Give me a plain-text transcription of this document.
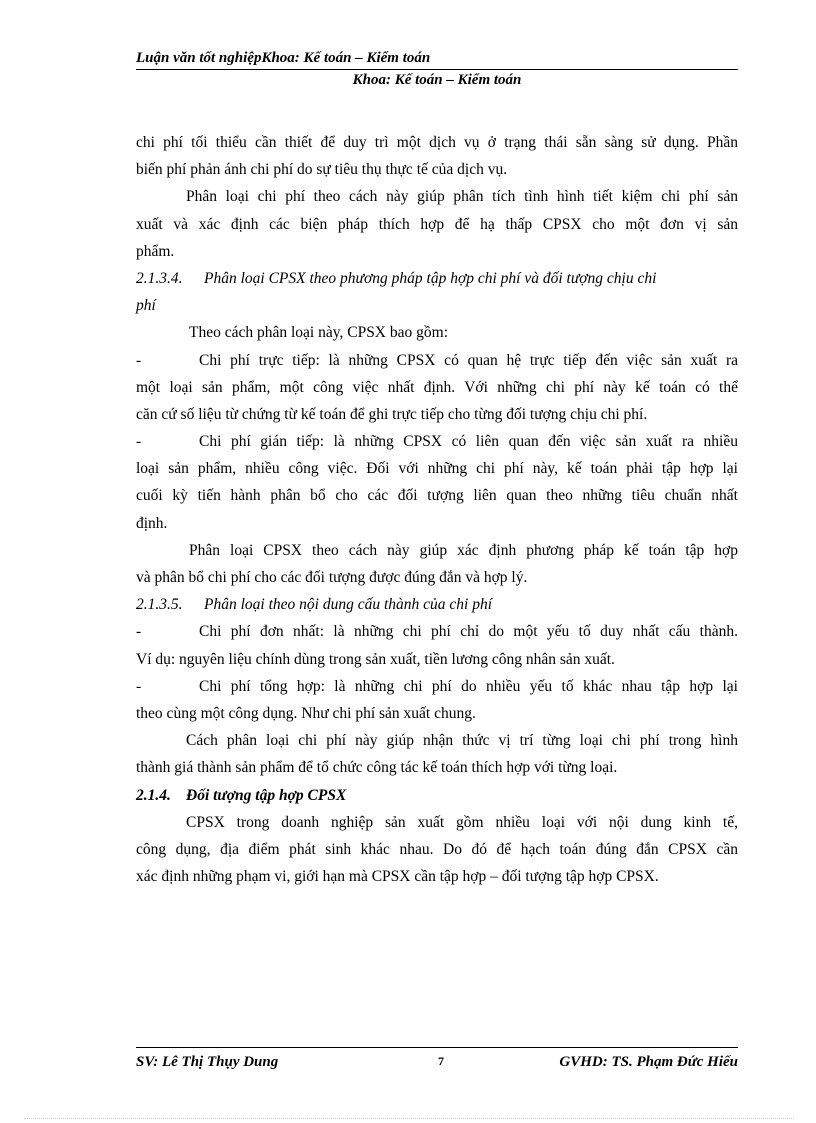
Luận văn tốt nghiệpKhoa: Kế toán – Kiểm toán
Khoa: Kế toán – Kiểm toán
chi phí tối thiểu cần thiết để duy trì một dịch vụ ở trạng thái sẵn sàng sử dụng. Phần
biến phí phản ánh chi phí do sự tiêu thụ thực tế của dịch vụ.
Phân loại chi phí theo cách này giúp phân tích tình hình tiết kiệm chi phí sản
xuất và xác định các biện pháp thích hợp để hạ thấp CPSX cho một đơn vị sản
phẩm.
2.1.3.4. Phân loại CPSX theo phương pháp tập hợp chi phí và đối tượng chịu chi
phí
Theo cách phân loại này, CPSX bao gồm:
-	Chi phí trực tiếp: là những CPSX có quan hệ trực tiếp đến việc sản xuất ra
một loại sản phẩm, một công việc nhất định. Với những chi phí này kế toán có thể
căn cứ số liệu từ chứng từ kế toán để ghi trực tiếp cho từng đối tượng chịu chi phí.
-	Chi phí gián tiếp: là những CPSX có liên quan đến việc sản xuất ra nhiều
loại sản phẩm, nhiều công việc. Đối với những chi phí này, kế toán phải tập hợp lại
cuối kỳ tiến hành phân bổ cho các đối tượng liên quan theo những tiêu chuẩn nhất
định.
Phân loại CPSX theo cách này giúp xác định phương pháp kế toán tập hợp
và phân bổ chi phí cho các đối tượng được đúng đắn và hợp lý.
2.1.3.5. Phân loại theo nội dung cấu thành của chi phí
-	Chi phí đơn nhất: là những chi phí chỉ do một yếu tố duy nhất cấu thành.
Ví dụ: nguyên liệu chính dùng trong sản xuất, tiền lương công nhân sản xuất.
-	Chi phí tổng hợp: là những chi phí do nhiều yếu tố khác nhau tập hợp lại
theo cùng một công dụng. Như chi phí sản xuất chung.
Cách phân loại chi phí này giúp nhận thức vị trí từng loại chi phí trong hình
thành giá thành sản phẩm để tổ chức công tác kế toán thích hợp với từng loại.
2.1.4. Đối tượng tập hợp CPSX
CPSX trong doanh nghiệp sản xuất gồm nhiều loại với nội dung kinh tế,
công dụng, địa điểm phát sinh khác nhau. Do đó để hạch toán đúng đắn CPSX cần
xác định những phạm vi, giới hạn mà CPSX cần tập hợp – đối tượng tập hợp CPSX.
SV: Lê Thị Thụy Dung	7	GVHD: TS. Phạm Đức Hiếu
